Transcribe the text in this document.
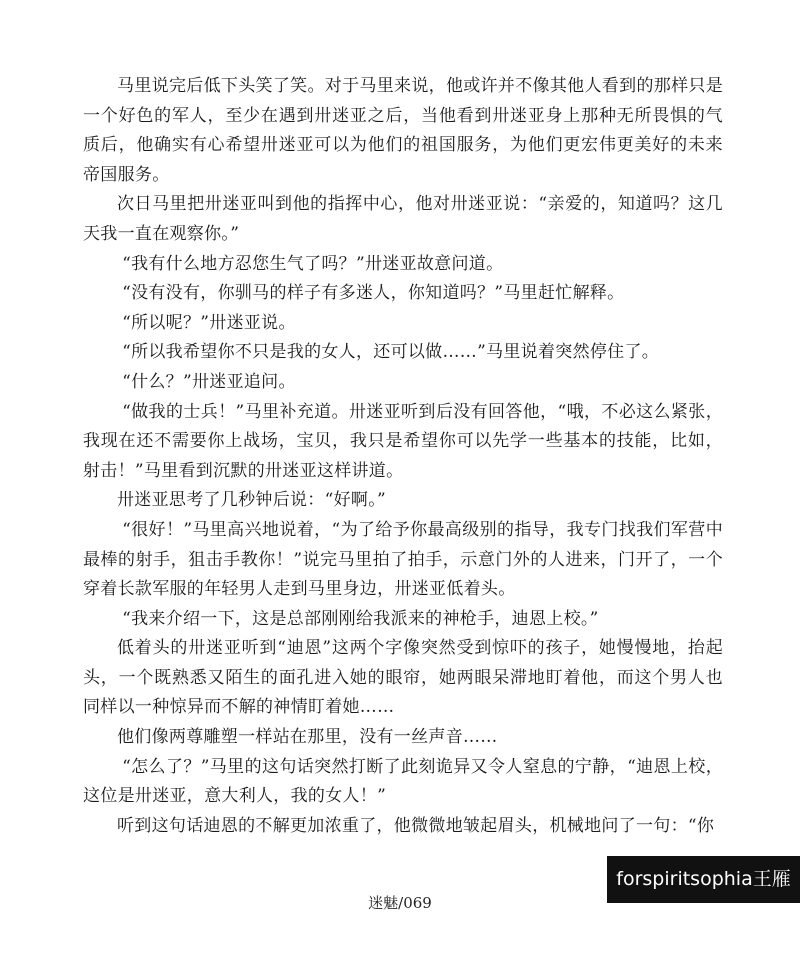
马里说完后低下头笑了笑。对于马里来说，他或许并不像其他人看到的那样只是一个好色的军人，至少在遇到卅迷亚之后，当他看到卅迷亚身上那种无所畏惧的气质后，他确实有心希望卅迷亚可以为他们的祖国服务，为他们更宏伟更美好的未来帝国服务。

次日马里把卅迷亚叫到他的指挥中心，他对卅迷亚说：“亲爱的，知道吗？这几天我一直在观察你。”

“我有什么地方忍您生气了吗？”卅迷亚故意问道。

“没有没有，你驯马的样子有多迷人，你知道吗？”马里赶忙解释。

“所以呢？”卅迷亚说。

“所以我希望你不只是我的女人，还可以做……”马里说着突然停住了。

“什么？”卅迷亚追问。

“做我的士兵！”马里补充道。卅迷亚听到后没有回答他，“哦，不必这么紧张，我现在还不需要你上战场，宝贝，我只是希望你可以先学一些基本的技能，比如，射击！”马里看到沉默的卅迷亚这样讲道。

卅迷亚思考了几秒钟后说：“好啊。”

“很好！”马里高兴地说着，“为了给予你最高级别的指导，我专门找我们军营中最棒的射手，狙击手教你！”说完马里拍了拍手，示意门外的人进来，门开了，一个穿着长款军服的年轻男人走到马里身边，卅迷亚低着头。

“我来介绍一下，这是总部刚刚给我派来的神枪手，迪恩上校。”

低着头的卅迷亚听到“迪恩”这两个字像突然受到惊吓的孩子，她慢慢地，抬起头，一个既熟悉又陌生的面孔进入她的眼帘，她两眼呆滞地盯着他，而这个男人也同样以一种惊异而不解的神情盯着她……

他们像两尊雕塑一样站在那里，没有一丝声音……

“怎么了？”马里的这句话突然打断了此刻诡异又令人窒息的宁静，“迪恩上校，这位是卅迷亚，意大利人，我的女人！”

听到这句话迪恩的不解更加浓重了，他微微地皱起眉头，机械地问了一句：“你

迷魅/069
forspiritsophia王雁
